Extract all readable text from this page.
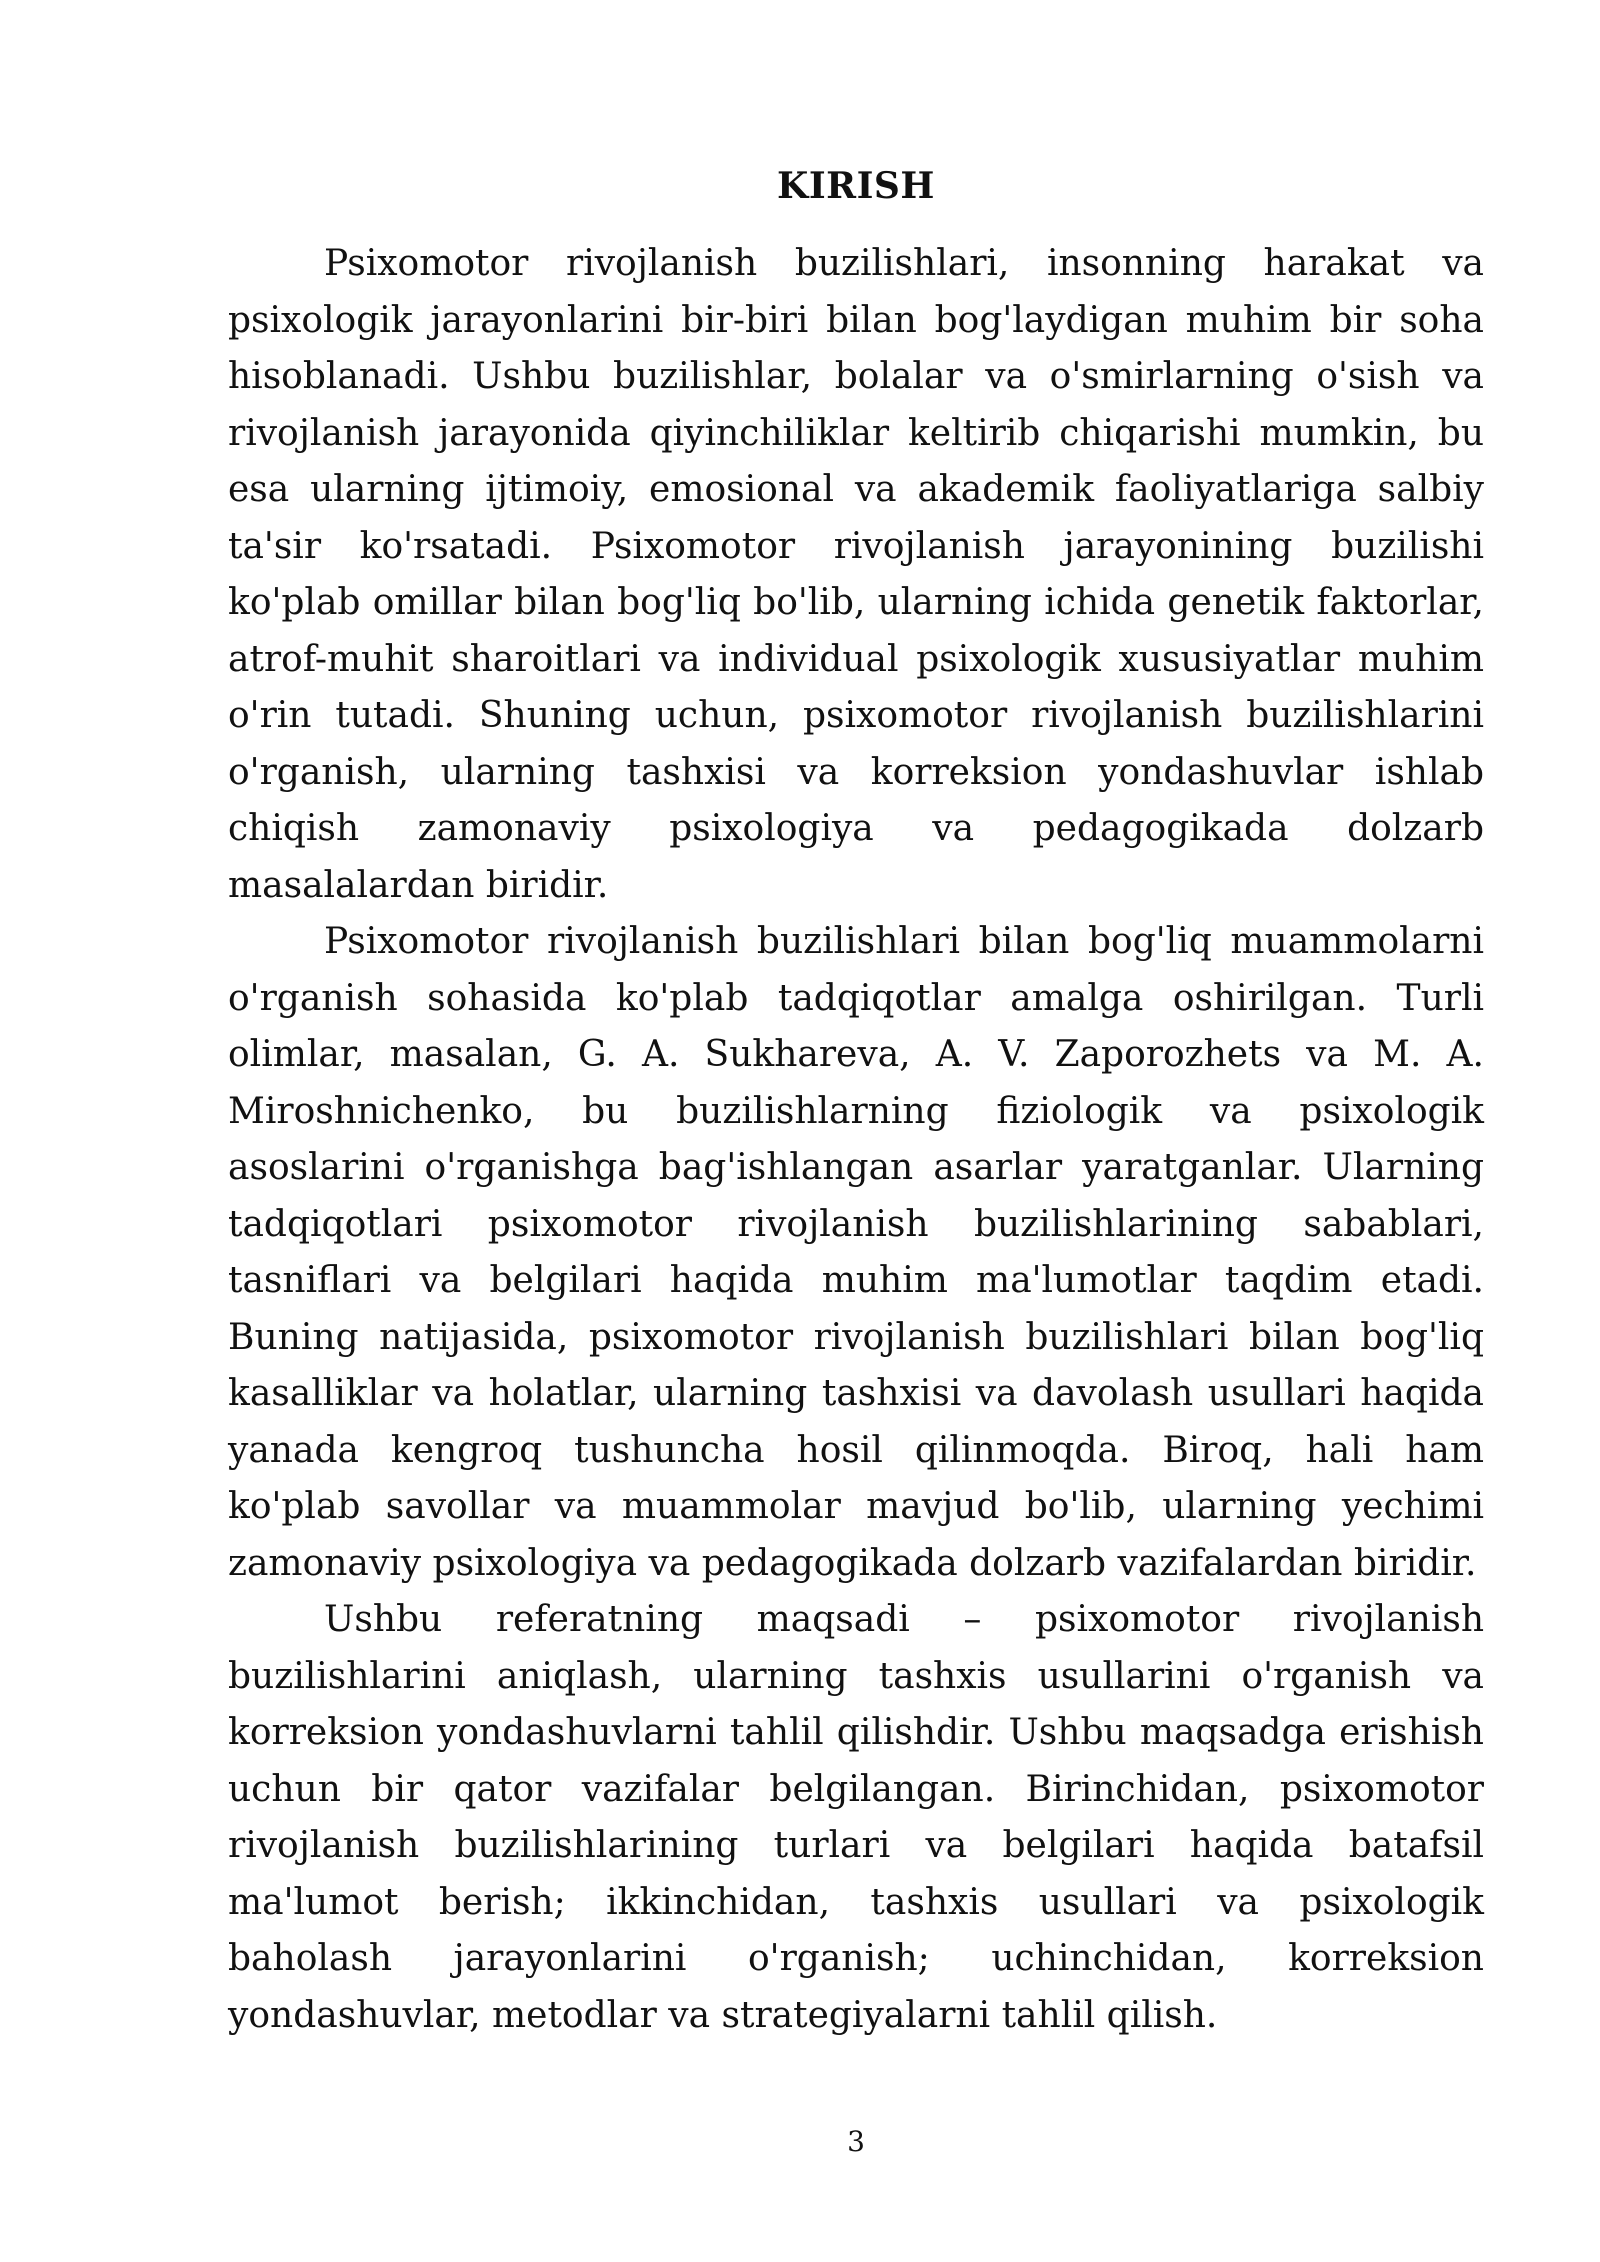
KIRISH

Psixomotor rivojlanish buzilishlari, insonning harakat va psixologik jarayonlarini bir-biri bilan bog'laydigan muhim bir soha hisoblanadi. Ushbu buzilishlar, bolalar va o'smirlarning o'sish va rivojlanish jarayonida qiyinchiliklar keltirib chiqarishi mumkin, bu esa ularning ijtimoiy, emosional va akademik faoliyatlariga salbiy ta'sir ko'rsatadi. Psixomotor rivojlanish jarayonining buzilishi ko'plab omillar bilan bog'liq bo'lib, ularning ichida genetik faktorlar, atrof-muhit sharoitlari va individual psixologik xususiyatlar muhim o'rin tutadi. Shuning uchun, psixomotor rivojlanish buzilishlarini o'rganish, ularning tashxisi va korreksion yondashuvlar ishlab chiqish zamonaviy psixologiya va pedagogikada dolzarb masalalardan biridir.

Psixomotor rivojlanish buzilishlari bilan bog'liq muammolarni o'rganish sohasida ko'plab tadqiqotlar amalga oshirilgan. Turli olimlar, masalan, G. A. Sukhareva, A. V. Zaporozhets va M. A. Miroshnichenko, bu buzilishlarning fiziologik va psixologik asoslarini o'rganishga bag'ishlangan asarlar yaratganlar. Ularning tadqiqotlari psixomotor rivojlanish buzilishlarining sabablari, tasniflari va belgilari haqida muhim ma'lumotlar taqdim etadi. Buning natijasida, psixomotor rivojlanish buzilishlari bilan bog'liq kasalliklar va holatlar, ularning tashxisi va davolash usullari haqida yanada kengroq tushuncha hosil qilinmoqda. Biroq, hali ham ko'plab savollar va muammolar mavjud bo'lib, ularning yechimi zamonaviy psixologiya va pedagogikada dolzarb vazifalardan biridir.

Ushbu referatning maqsadi – psixomotor rivojlanish buzilishlarini aniqlash, ularning tashxis usullarini o'rganish va korreksion yondashuvlarni tahlil qilishdir. Ushbu maqsadga erishish uchun bir qator vazifalar belgilangan. Birinchidan, psixomotor rivojlanish buzilishlarining turlari va belgilari haqida batafsil ma'lumot berish; ikkinchidan, tashxis usullari va psixologik baholash jarayonlarini o'rganish; uchinchidan, korreksion yondashuvlar, metodlar va strategiyalarni tahlil qilish.

3
